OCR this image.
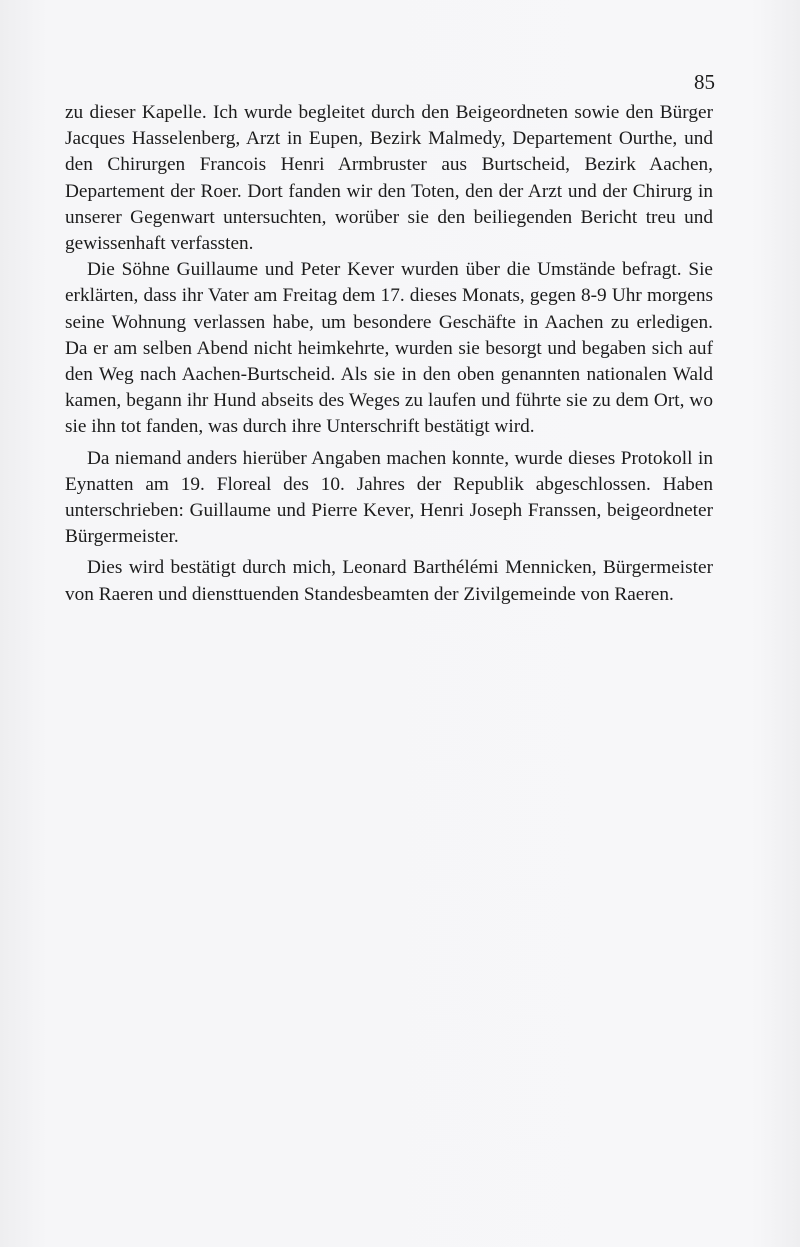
85

zu dieser Kapelle. Ich wurde begleitet durch den Beigeordneten sowie den Bürger Jacques Hasselenberg, Arzt in Eupen, Bezirk Malmedy, Departement Ourthe, und den Chirurgen Francois Henri Armbruster aus Burtscheid, Bezirk Aachen, Departement der Roer. Dort fanden wir den Toten, den der Arzt und der Chirurg in unserer Gegenwart untersuchten, worüber sie den beiliegenden Bericht treu und gewissenhaft verfassten.

Die Söhne Guillaume und Peter Kever wurden über die Umstände befragt. Sie erklärten, dass ihr Vater am Freitag dem 17. dieses Monats, gegen 8-9 Uhr morgens seine Wohnung verlassen habe, um besondere Geschäfte in Aachen zu erledigen. Da er am selben Abend nicht heimkehrte, wurden sie besorgt und begaben sich auf den Weg nach Aachen-Burtscheid. Als sie in den oben genannten nationalen Wald kamen, begann ihr Hund abseits des Weges zu laufen und führte sie zu dem Ort, wo sie ihn tot fanden, was durch ihre Unterschrift bestätigt wird.

Da niemand anders hierüber Angaben machen konnte, wurde dieses Protokoll in Eynatten am 19. Floreal des 10. Jahres der Republik abgeschlossen. Haben unterschrieben: Guillaume und Pierre Kever, Henri Joseph Franssen, beigeordneter Bürgermeister.

Dies wird bestätigt durch mich, Leonard Barthélémi Mennicken, Bürgermeister von Raeren und diensttuenden Standesbeamten der Zivilgemeinde von Raeren.
